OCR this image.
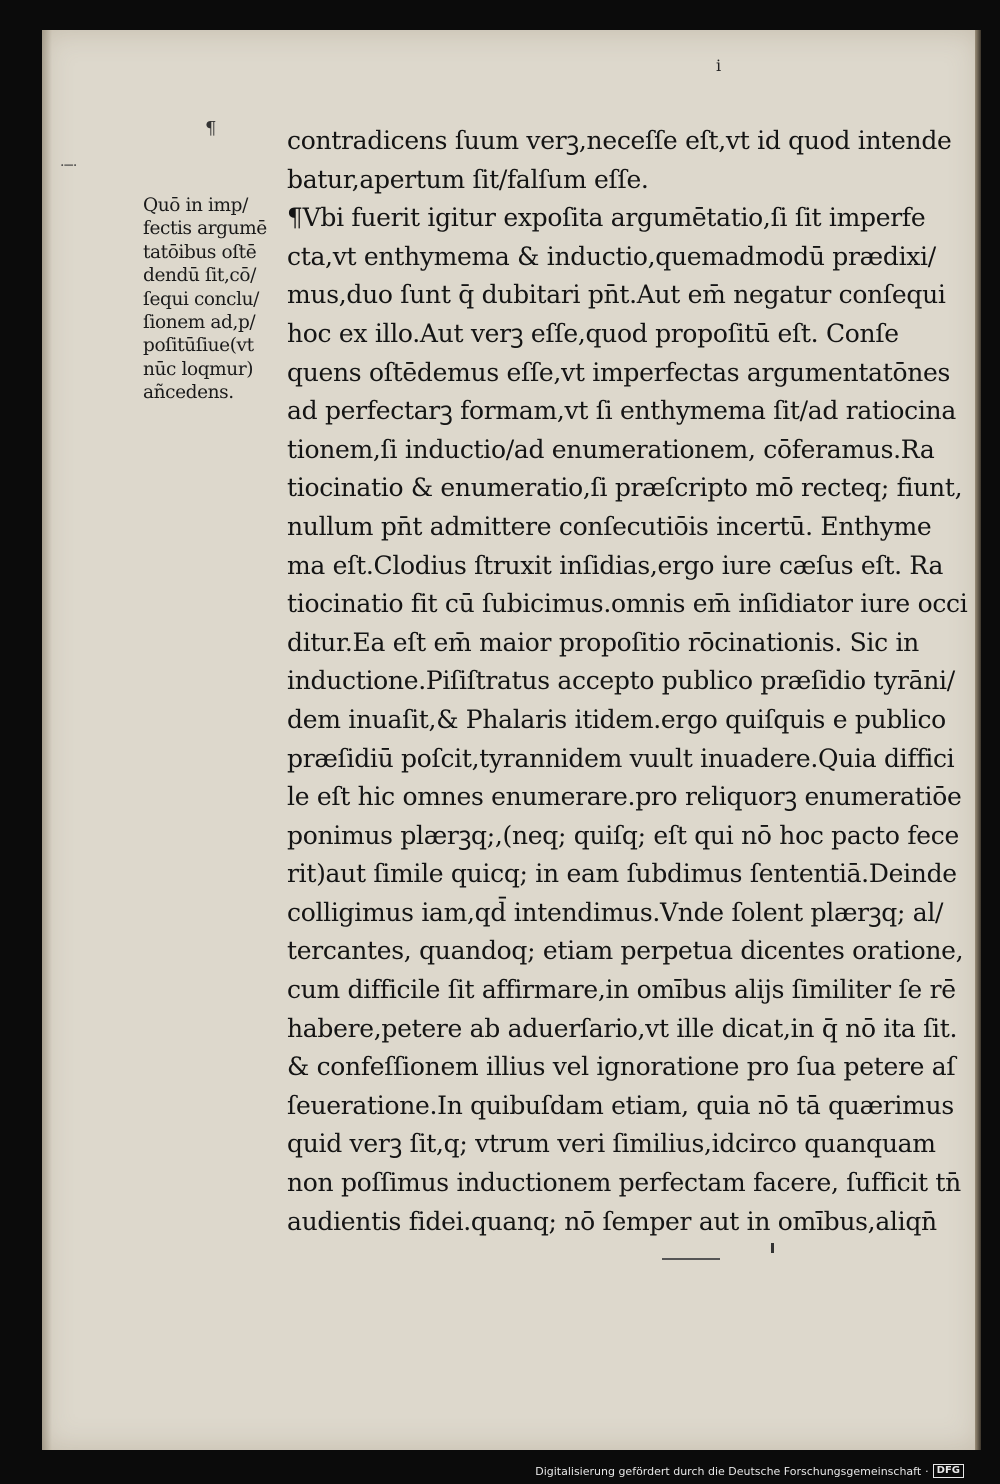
i
¶
·─·
Quō in imp/
fectis argumē
tatōibus oſtē
dendū ſit,cō/
ſequi conclu/
ſionem ad,p/
poſitūſiue(vt
nūc loqmur)
añcedens.
contradicens ſuum verꝫ,neceſſe eſt,vt id quod intende
batur,apertum ſit/falſum eſſe.
¶Vbi fuerit igitur expoſita argumētatio,ſi ſit imperfe
cta,vt enthymema & inductio,quemadmodū prædixi/
mus,duo ſunt q̄ dubitari pn̄t.Aut em̄ negatur conſequi
hoc ex illo.Aut verꝫ eſſe,quod propoſitū eſt. Conſe
quens oſtēdemus eſſe,vt imperfectas argumentatōnes
ad perfectarꝫ formam,vt ſi enthymema ſit/ad ratiocina
tionem,ſi inductio/ad enumerationem, cōferamus.Ra
tiocinatio & enumeratio,ſi præſcripto mō recteq; fiunt,
nullum pn̄t admittere conſecutiōis incertū. Enthyme
ma eſt.Clodius ſtruxit inſidias,ergo iure cæſus eſt. Ra
tiocinatio fit cū ſubicimus.omnis em̄ inſidiator iure occi
ditur.Ea eſt em̄ maior propoſitio rōcinationis. Sic in
inductione.Piſiſtratus accepto publico præſidio tyrāni/
dem inuaſit,& Phalaris itidem.ergo quiſquis e publico
præſidiū poſcit,tyrannidem vuult inuadere.Quia diffici
le eſt hic omnes enumerare.pro reliquorꝫ enumeratiōe
ponimus plærꝫq;,(neq; quiſq; eſt qui nō hoc pacto fece
rit)aut ſimile quicq; in eam ſubdimus ſententiā.Deinde
colligimus iam,qd̄ intendimus.Vnde ſolent plærꝫq; al/
tercantes, quandoq; etiam perpetua dicentes oratione,
cum difficile ſit affirmare,in omībus alijs ſimiliter ſe rē
habere,petere ab aduerſario,vt ille dicat,in q̄ nō ita ſit.
& confeſſionem illius vel ignoratione pro ſua petere aſ
ſeueratione.In quibuſdam etiam, quia nō tā quærimus
quid verꝫ ſit,q; vtrum veri ſimilius,idcirco quanquam
non poſſimus inductionem perfectam facere, ſufficit tn̄
audientis fidei.quanq; nō ſemper aut in omībus,aliqn̄
Digitalisierung gefördert durch die Deutsche Forschungsgemeinschaft · DFG
